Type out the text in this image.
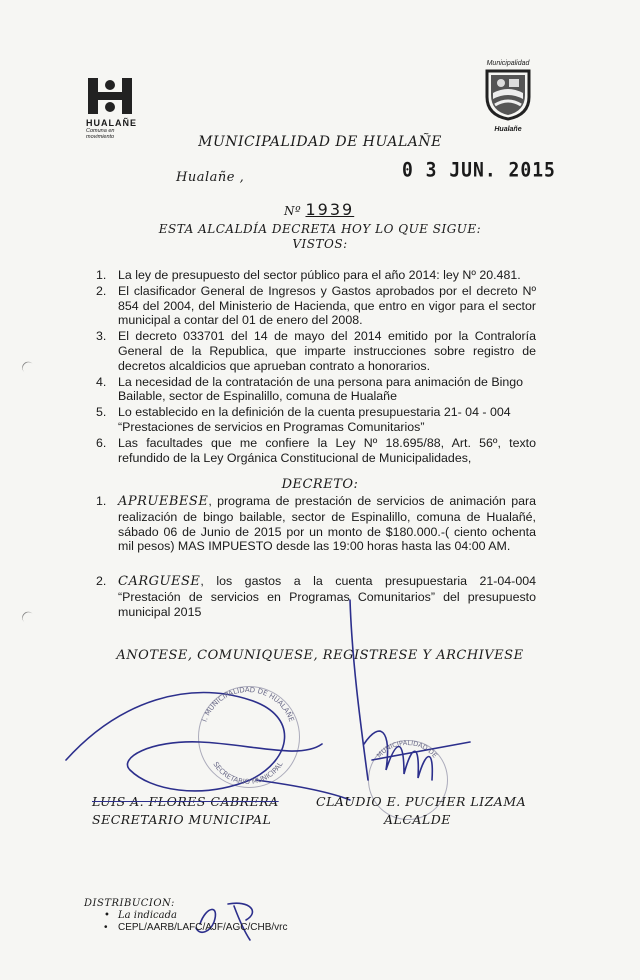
HUALAÑE
Comuna en movimiento
Municipalidad
Hualañe
MUNICIPALIDAD DE HUALAÑE
Hualañe ,	0 3 JUN. 2015
Nº 1939
ESTA ALCALDÍA DECRETA HOY LO QUE SIGUE:
VISTOS:
1. La ley de presupuesto del sector público para el año 2014: ley Nº 20.481.
2. El clasificador General de Ingresos y Gastos aprobados por el decreto Nº 854 del 2004, del Ministerio de Hacienda, que entro en vigor para el sector municipal a contar del 01 de enero del 2008.
3. El decreto 033701 del 14 de mayo del 2014 emitido por la Contraloría General de la Republica, que imparte instrucciones sobre registro de decretos alcaldicios que aprueban contrato a honorarios.
4. La necesidad de la contratación de una persona para animación de Bingo Bailable, sector de Espinalillo, comuna de Hualañe
5. Lo establecido en la definición de la cuenta presupuestaria 21- 04 - 004 “Prestaciones de servicios en Programas Comunitarios”
6. Las facultades que me confiere la Ley Nº 18.695/88, Art. 56º, texto refundido de la Ley Orgánica Constitucional de Municipalidades,
DECRETO:
1. APRUEBESE, programa de prestación de servicios de animación para realización de bingo bailable, sector de Espinalillo, comuna de Hualañé, sábado 06 de Junio de 2015 por un monto de $180.000.-( ciento ochenta mil pesos) MAS IMPUESTO desde las 19:00 horas hasta las 04:00 AM.
2. CARGUESE, los gastos a la cuenta presupuestaria 21-04-004 “Prestación de servicios en Programas Comunitarios” del presupuesto municipal 2015
ANOTESE, COMUNIQUESE, REGISTRESE Y ARCHIVESE
I. MUNICIPALIDAD DE HUALAÑE
SECRETARIO MUNICIPAL
MUNICIPALIDAD DE
LUIS A. FLORES CABRERA
SECRETARIO MUNICIPAL
CLAUDIO E. PUCHER LIZAMA
ALCALDE
DISTRIBUCION:
• La indicada
• CEPL/AARB/LAFC/AJF/AGC/CHB/vrc
